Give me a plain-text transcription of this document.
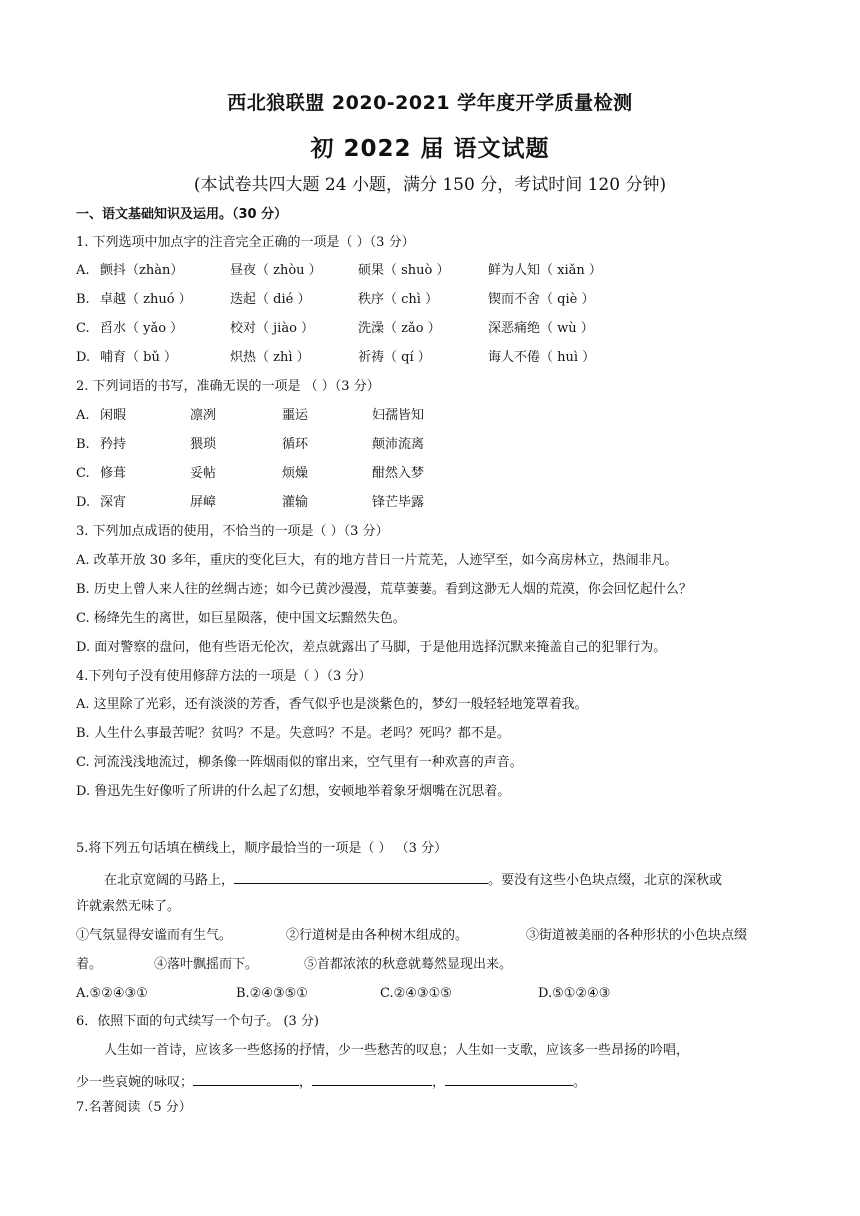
西北狼联盟 2020-2021 学年度开学质量检测
初 2022 届 语文试题
(本试卷共四大题 24 小题，满分 150 分，考试时间 120 分钟)
一、语文基础知识及运用。（30 分）
1. 下列选项中加点字的注音完全正确的一项是（ ）（3 分）
A. 颤抖（zhàn）	昼夜（ zhòu ）	硕果（ shuò ）	鲜为人知（ xiǎn ）
B. 卓越（ zhuó ）	迭起（ dié ）	秩序（ chì ）	锲而不舍（ qiè ）
C. 舀水（ yǎo ）	校对（ jiào ）	洗澡（ zǎo ）	深恶痛绝（ wù ）
D. 哺育（ bǔ ）	炽热（ zhì ）	祈祷（ qí ）	诲人不倦（ huì ）
2. 下列词语的书写，准确无误的一项是 （ ）（3 分）
A. 闲暇	凛冽	噩运	妇孺皆知
B. 矜持	猥琐	循环	颠沛流离
C. 修葺	妥帖	烦燥	酣然入梦
D. 深宵	屏嶂	灌输	锋芒毕露
3. 下列加点成语的使用，不恰当的一项是（ ）（3 分）
A. 改革开放 30 多年，重庆的变化巨大，有的地方昔日一片荒芜，人迹罕至，如今高房林立，热闹非凡。
B. 历史上曾人来人往的丝绸古迹；如今已黄沙漫漫，荒草萋萋。看到这渺无人烟的荒漠，你会回忆起什么？
C. 杨绛先生的离世，如巨星陨落，使中国文坛黯然失色。
D. 面对警察的盘问，他有些语无伦次，差点就露出了马脚，于是他用选择沉默来掩盖自己的犯罪行为。
4.下列句子没有使用修辞方法的一项是（ ）（3 分）
A. 这里除了光彩，还有淡淡的芳香，香气似乎也是淡紫色的，梦幻一般轻轻地笼罩着我。
B. 人生什么事最苦呢？贫吗？不是。失意吗？不是。老吗？死吗？都不是。
C. 河流浅浅地流过，柳条像一阵烟雨似的窜出来，空气里有一种欢喜的声音。
D. 鲁迅先生好像听了所讲的什么起了幻想，安顿地举着象牙烟嘴在沉思着。
5.将下列五句话填在横线上，顺序最恰当的一项是（ ） （3 分）
在北京宽阔的马路上，	。要没有这些小色块点缀，北京的深秋或
许就索然无味了。
①气氛显得安谧而有生气。	②行道树是由各种树木组成的。	③街道被美丽的各种形状的小色块点缀
着。	④落叶飘摇而下。	⑤首都浓浓的秋意就蓦然显现出来。
A.⑤②④③①	B.②④③⑤①	C.②④③①⑤	D.⑤①②④③
6．依照下面的句式续写一个句子。 (3 分)
人生如一首诗，应该多一些悠扬的抒情，少一些愁苦的叹息；人生如一支歌，应该多一些昂扬的吟唱，
少一些哀婉的咏叹；	，	，	。
7.名著阅读（5 分）
